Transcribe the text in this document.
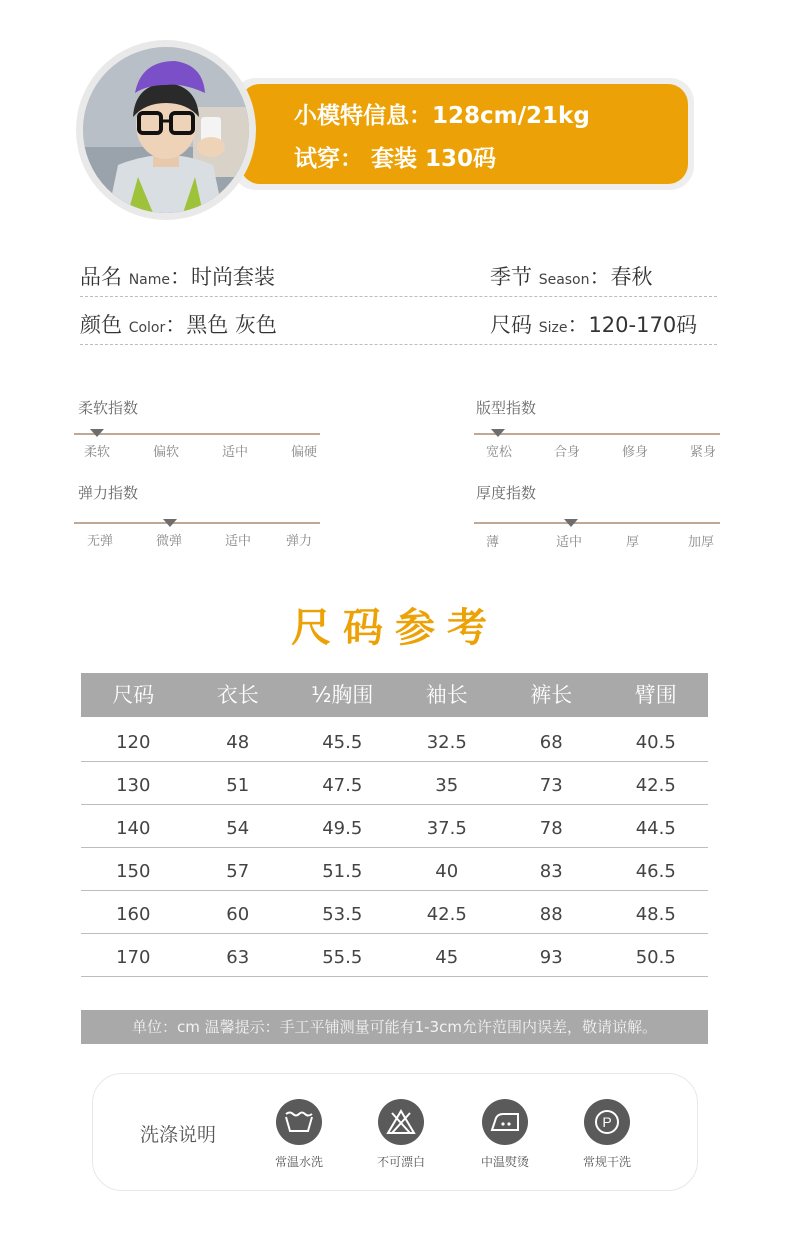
小模特信息：128cm/21kg
试穿： 套装 130码
品名 Name：时尚套装	季节 Season：春秋
颜色 Color：黑色 灰色	尺码 Size：120-170码
柔软指数
柔软	偏软	适中	偏硬
版型指数
宽松	合身	修身	紧身
弹力指数
无弹	微弹	适中	弹力
厚度指数
薄	适中	厚	加厚
尺码参考
尺码	衣长	½胸围	袖长	裤长	臂围
120	48	45.5	32.5	68	40.5
130	51	47.5	35	73	42.5
140	54	49.5	37.5	78	44.5
150	57	51.5	40	83	46.5
160	60	53.5	42.5	88	48.5
170	63	55.5	45	93	50.5
单位：cm 温馨提示：手工平铺测量可能有1-3cm允许范围内误差，敬请谅解。
洗涤说明
常温水洗	不可漂白	中温熨烫
P
常规干洗
